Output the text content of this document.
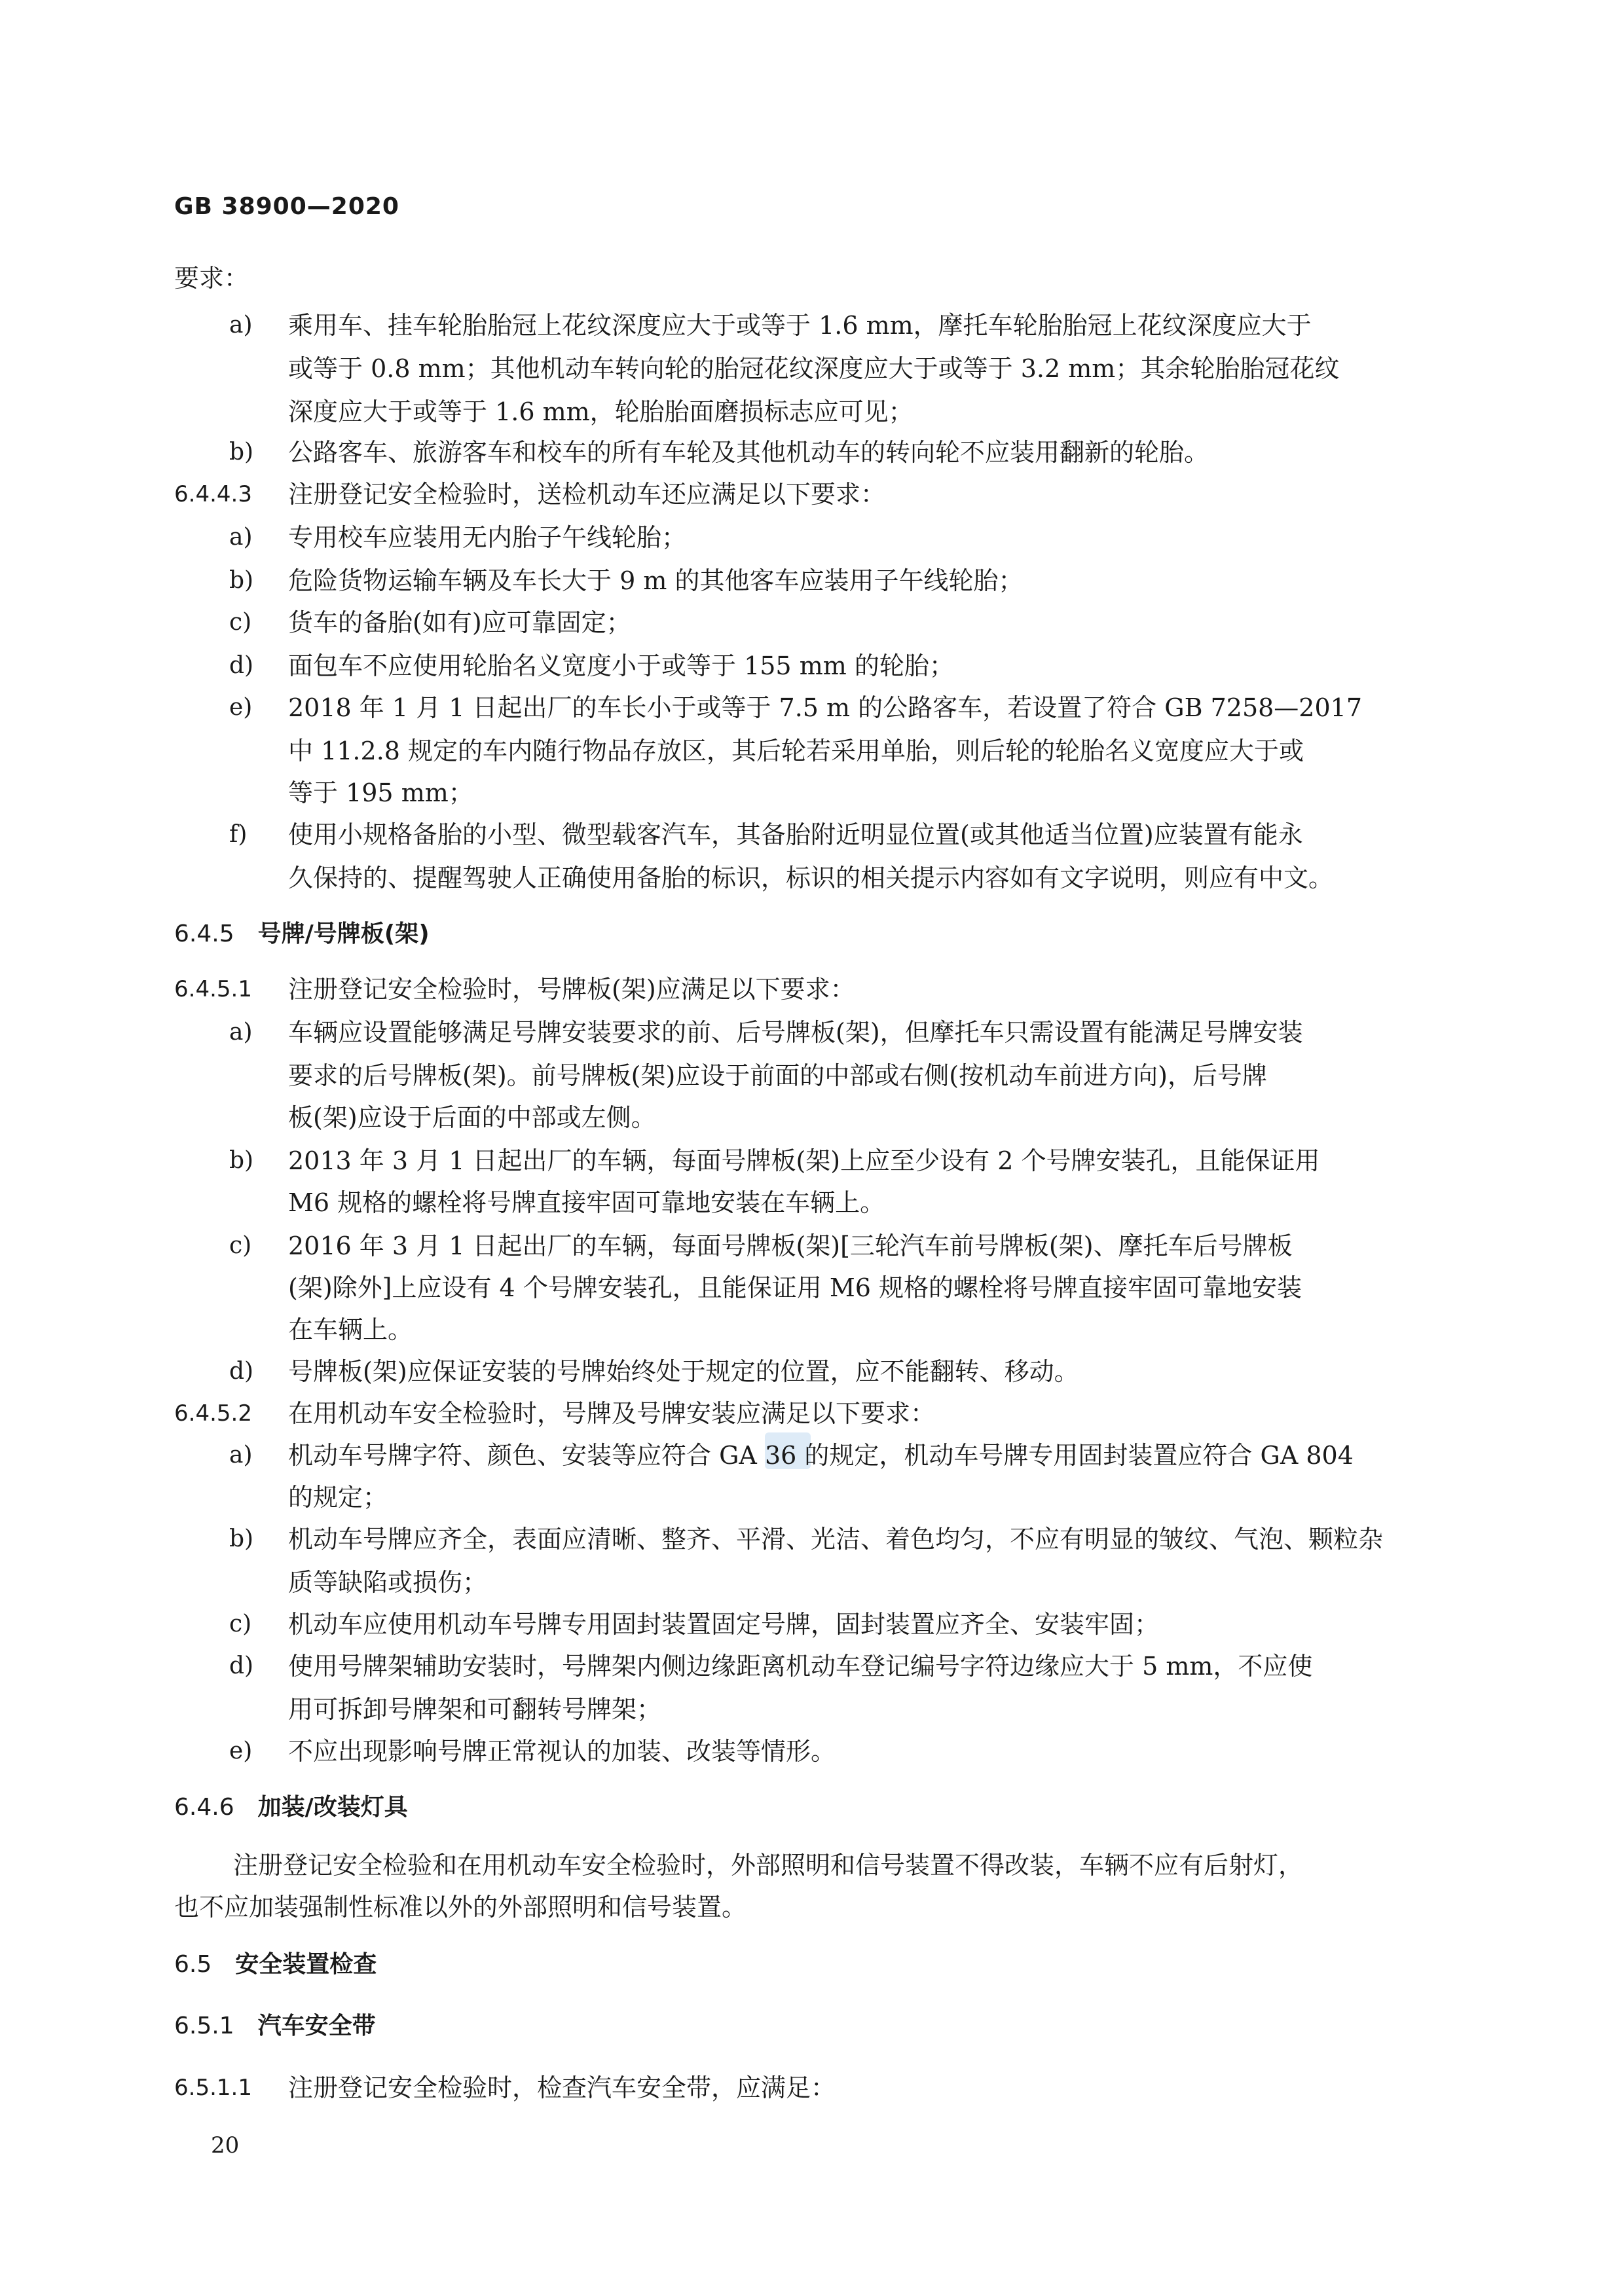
GB 38900—2020
要求：
a) 乘用车、挂车轮胎胎冠上花纹深度应大于或等于 1.6 mm，摩托车轮胎胎冠上花纹深度应大于
或等于 0.8 mm；其他机动车转向轮的胎冠花纹深度应大于或等于 3.2 mm；其余轮胎胎冠花纹
深度应大于或等于 1.6 mm，轮胎胎面磨损标志应可见；
b) 公路客车、旅游客车和校车的所有车轮及其他机动车的转向轮不应装用翻新的轮胎。
6.4.4.3 注册登记安全检验时，送检机动车还应满足以下要求：
a) 专用校车应装用无内胎子午线轮胎；
b) 危险货物运输车辆及车长大于 9 m 的其他客车应装用子午线轮胎；
c) 货车的备胎(如有)应可靠固定；
d) 面包车不应使用轮胎名义宽度小于或等于 155 mm 的轮胎；
e) 2018 年 1 月 1 日起出厂的车长小于或等于 7.5 m 的公路客车，若设置了符合 GB 7258—2017
中 11.2.8 规定的车内随行物品存放区，其后轮若采用单胎，则后轮的轮胎名义宽度应大于或
等于 195 mm；
f) 使用小规格备胎的小型、微型载客汽车，其备胎附近明显位置(或其他适当位置)应装置有能永
久保持的、提醒驾驶人正确使用备胎的标识，标识的相关提示内容如有文字说明，则应有中文。
6.4.5 号牌/号牌板(架)
6.4.5.1 注册登记安全检验时，号牌板(架)应满足以下要求：
a) 车辆应设置能够满足号牌安装要求的前、后号牌板(架)，但摩托车只需设置有能满足号牌安装
要求的后号牌板(架)。前号牌板(架)应设于前面的中部或右侧(按机动车前进方向)，后号牌
板(架)应设于后面的中部或左侧。
b) 2013 年 3 月 1 日起出厂的车辆，每面号牌板(架)上应至少设有 2 个号牌安装孔，且能保证用
M6 规格的螺栓将号牌直接牢固可靠地安装在车辆上。
c) 2016 年 3 月 1 日起出厂的车辆，每面号牌板(架)[三轮汽车前号牌板(架)、摩托车后号牌板
(架)除外]上应设有 4 个号牌安装孔，且能保证用 M6 规格的螺栓将号牌直接牢固可靠地安装
在车辆上。
d) 号牌板(架)应保证安装的号牌始终处于规定的位置，应不能翻转、移动。
6.4.5.2 在用机动车安全检验时，号牌及号牌安装应满足以下要求：
a) 机动车号牌字符、颜色、安装等应符合 GA 36 的规定，机动车号牌专用固封装置应符合 GA 804
的规定；
b) 机动车号牌应齐全，表面应清晰、整齐、平滑、光洁、着色均匀，不应有明显的皱纹、气泡、颗粒杂
质等缺陷或损伤；
c) 机动车应使用机动车号牌专用固封装置固定号牌，固封装置应齐全、安装牢固；
d) 使用号牌架辅助安装时，号牌架内侧边缘距离机动车登记编号字符边缘应大于 5 mm，不应使
用可拆卸号牌架和可翻转号牌架；
e) 不应出现影响号牌正常视认的加装、改装等情形。
6.4.6 加装/改装灯具
注册登记安全检验和在用机动车安全检验时，外部照明和信号装置不得改装，车辆不应有后射灯，
也不应加装强制性标准以外的外部照明和信号装置。
6.5 安全装置检查
6.5.1 汽车安全带
6.5.1.1 注册登记安全检验时，检查汽车安全带，应满足：
20
